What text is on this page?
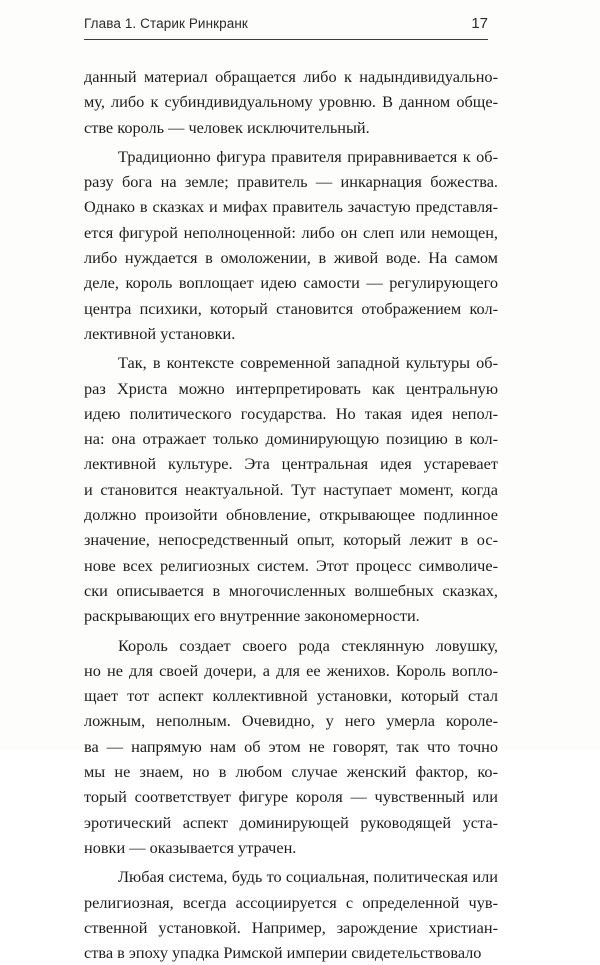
Глава 1. Старик Ринкранк	17
данный материал обращается либо к надындивидуально-
му, либо к субиндивидуальному уровню. В данном обще-
стве король — человек исключительный.
Традиционно фигура правителя приравнивается к об-
разу бога на земле; правитель — инкарнация божества.
Однако в сказках и мифах правитель зачастую представля-
ется фигурой неполноценной: либо он слеп или немощен,
либо нуждается в омоложении, в живой воде. На самом
деле, король воплощает идею самости — регулирующего
центра психики, который становится отображением кол-
лективной установки.
Так, в контексте современной западной культуры об-
раз Христа можно интерпретировать как центральную
идею политического государства. Но такая идея непол-
на: она отражает только доминирующую позицию в кол-
лективной культуре. Эта центральная идея устаревает
и становится неактуальной. Тут наступает момент, когда
должно произойти обновление, открывающее подлинное
значение, непосредственный опыт, который лежит в ос-
нове всех религиозных систем. Этот процесс символиче-
ски описывается в многочисленных волшебных сказках,
раскрывающих его внутренние закономерности.
Король создает своего рода стеклянную ловушку,
но не для своей дочери, а для ее женихов. Король вопло-
щает тот аспект коллективной установки, который стал
ложным, неполным. Очевидно, у него умерла короле-
ва — напрямую нам об этом не говорят, так что точно
мы не знаем, но в любом случае женский фактор, ко-
торый соответствует фигуре короля — чувственный или
эротический аспект доминирующей руководящей уста-
новки — оказывается утрачен.
Любая система, будь то социальная, политическая или
религиозная, всегда ассоциируется с определенной чув-
ственной установкой. Например, зарождение христиан-
ства в эпоху упадка Римской империи свидетельствовало
